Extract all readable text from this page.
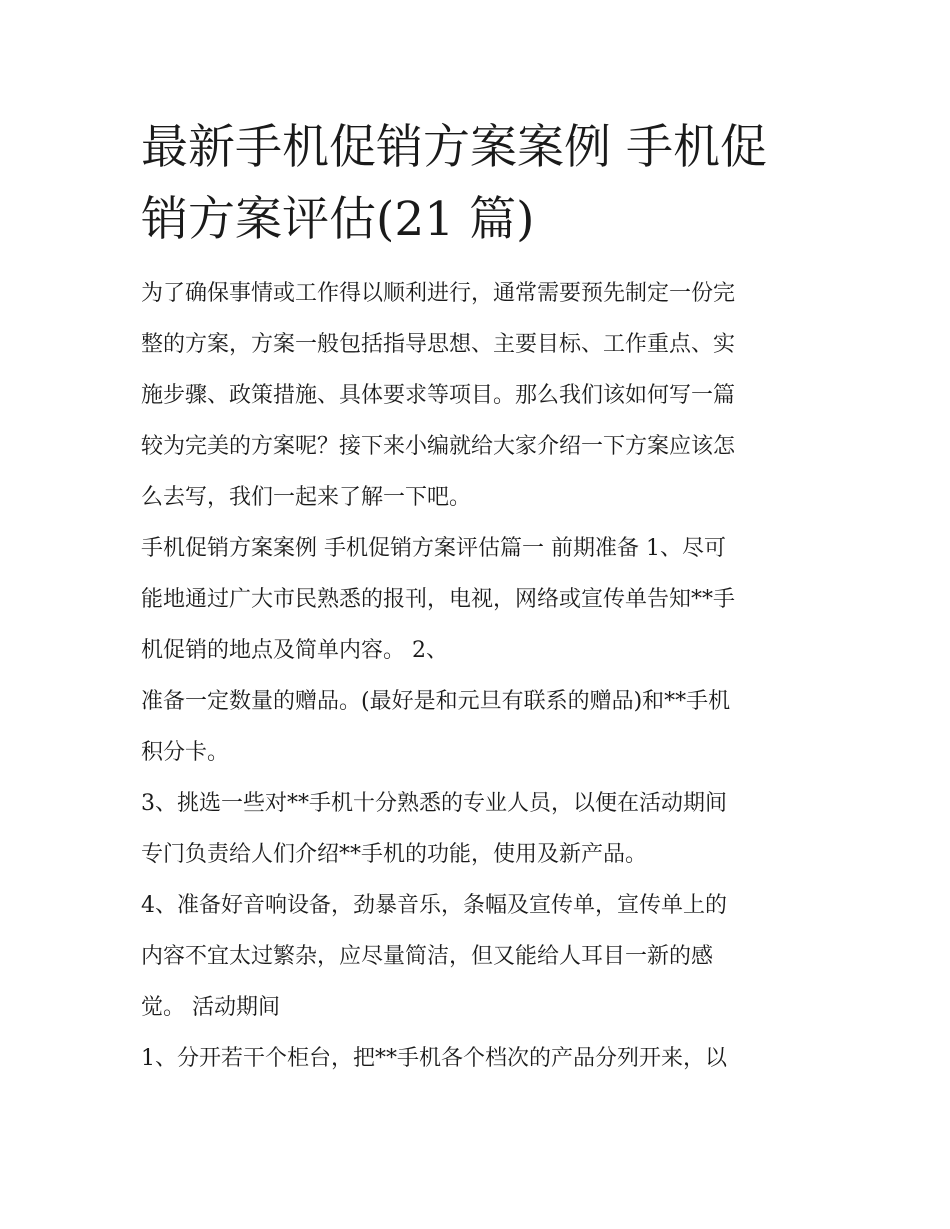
最新手机促销方案案例 手机促
销方案评估(21 篇)

为了确保事情或工作得以顺利进行，通常需要预先制定一份完
整的方案，方案一般包括指导思想、主要目标、工作重点、实
施步骤、政策措施、具体要求等项目。那么我们该如何写一篇
较为完美的方案呢？接下来小编就给大家介绍一下方案应该怎
么去写，我们一起来了解一下吧。

手机促销方案案例 手机促销方案评估篇一 前期准备 1、尽可
能地通过广大市民熟悉的报刊，电视，网络或宣传单告知**手
机促销的地点及简单内容。 2、

准备一定数量的赠品。(最好是和元旦有联系的赠品)和**手机
积分卡。

3、挑选一些对**手机十分熟悉的专业人员，以便在活动期间
专门负责给人们介绍**手机的功能，使用及新产品。

4、准备好音响设备，劲暴音乐，条幅及宣传单，宣传单上的
内容不宜太过繁杂，应尽量简洁，但又能给人耳目一新的感
觉。 活动期间

1、分开若干个柜台，把**手机各个档次的产品分列开来，以
